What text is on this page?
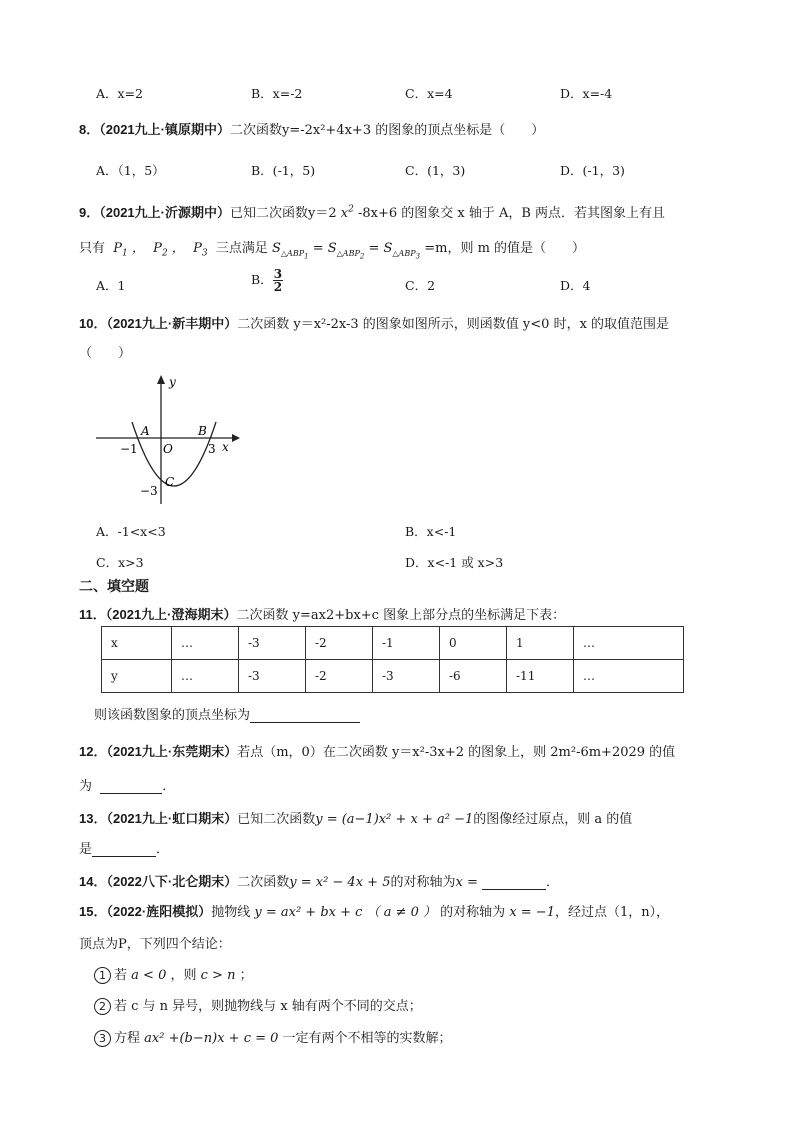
A．x=2	B．x=-2	C．x=4	D．x=-4
8．（2021九上·镇原期中）二次函数y=-2x²+4x+3 的图象的顶点坐标是（　　）
A．（1，5）	B．(-1，5)	C．(1，3)	D．(-1，3)
9．（2021九上·沂源期中）已知二次函数y＝2 $x^2$ -8x+6 的图象交 x 轴于 A，B 两点．若其图象上有且
只有  $P_1$ ，  $P_2$ ，  $P_3$ 三点满足 $S_{\triangle ABP_1} = S_{\triangle ABP_2} = S_{\triangle ABP_3} =m$，则 m 的值是（　　）
A．1	B． $\frac{3}{2}$	C．2	D．4
10．（2021九上·新丰期中）二次函数 y＝x²-2x-3 的图象如图所示，则函数值 y<0 时，x 的取值范围是
（　　）
y
x
A	B
O
C
−1	3
−3
A．-1<x<3	B．x<-1
C．x>3	D．x<-1 或 x>3
二、填空题
11．（2021九上·澄海期末）二次函数 y=ax2+bx+c 图象上部分点的坐标满足下表：
x	…	-3	-2	-1	0	1	…
y	…	-3	-2	-3	-6	-11	…
则该函数图象的顶点坐标为
12．（2021九上·东莞期末）若点（m，0）在二次函数 y＝x²-3x+2 的图象上，则 2m²-6m+2029 的值
为	．
13．（2021九上·虹口期末）已知二次函数y = (a−1)x² + x + a² −1的图像经过原点，则 a 的值
是	．
14．（2022八下·北仑期末）二次函数y = x² − 4x + 5的对称轴为x =	．
15．（2022·旌阳模拟）抛物线 y = ax² + bx + c （ a ≠ 0 ） 的对称轴为 x = −1，经过点（1，n），
顶点为P，下列四个结论：
1 若 a < 0 ，则 c > n ；
2 若 c 与 n 异号，则抛物线与 x 轴有两个不同的交点；
3 方程 ax² +(b−n)x + c = 0 一定有两个不相等的实数解；
